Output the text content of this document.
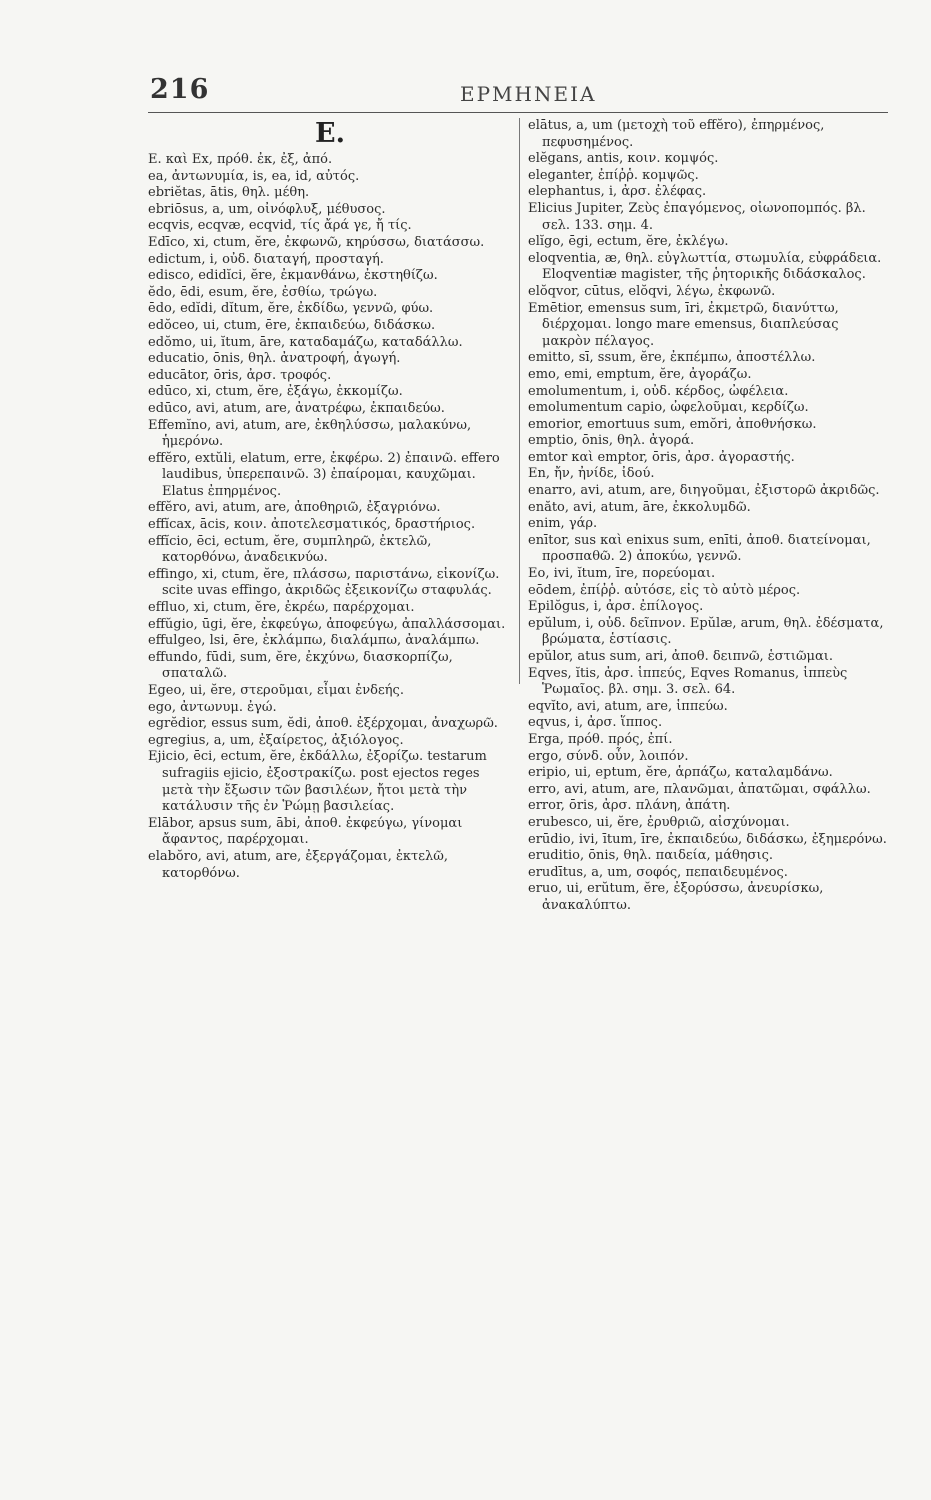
216	ΕΡΜΗΝΕΙΑ
E.

E. καὶ Ex, πρόθ. ἐκ, ἐξ, ἀπό.

ea, ἀντωνυμία, is, ea, id, αὐτός.

ebriĕtas, ātis, θηλ. μέθη.

ebriōsus, a, um, οἰνόφλυξ, μέθυσος.

ecqvis, ecqvæ, ecqvid, τίς ἄρά γε, ἤ τίς.

Edīco, xi, ctum, ĕre, ἐκφωνῶ, κηρύσσω, διατάσσω.

edictum, i, οὐδ. διαταγή, προσταγή.

edisco, edidĭci, ĕre, ἐκμανθάνω, ἐκστηθίζω.

ĕdo, ēdi, esum, ĕre, ἐσθίω, τρώγω.

ēdo, edĭdi, dĭtum, ĕre, ἐκδίδω, γεννῶ, φύω.

edŏceo, ui, ctum, ēre, ἐκπαιδεύω, διδάσκω.

edŏmo, ui, ĭtum, āre, καταδαμάζω, καταδάλλω.

educatio, ōnis, θηλ. ἀνατροφή, ἀγωγή.

educātor, ōris, ἀρσ. τροφός.

edūco, xi, ctum, ĕre, ἐξάγω, ἐκκομίζω.

edūco, avi, atum, are, ἀνατρέφω, ἐκπαιδεύω.

Effemĭno, avi, atum, are, ἐκθηλύσσω, μαλακύνω, ἡμερόνω.

effĕro, extŭli, elatum, erre, ἐκφέρω. 2) ἐπαινῶ. effero laudibus, ὑπερεπαινῶ. 3) ἐπαίρομαι, καυχῶμαι. Elatus ἐπηρμένος.

effĕro, avi, atum, are, ἀποθηριῶ, ἐξαγριόνω.

effĭcax, ācis, κοιν. ἀποτελεσματικός, δραστήριος.

effĭcio, ēci, ectum, ĕre, συμπληρῶ, ἐκτελῶ, κατορθόνω, ἀναδεικνύω.

effingo, xi, ctum, ĕre, πλάσσω, παριστάνω, εἰκονίζω. scite uvas effingo, ἀκριδῶς ἐξεικονίζω σταφυλάς.

effluo, xi, ctum, ĕre, ἐκρέω, παρέρχομαι.

effŭgio, ūgi, ĕre, ἐκφεύγω, ἀποφεύγω, ἀπαλλάσσομαι.

effulgeo, lsi, ēre, ἐκλάμπω, διαλάμπω, ἀναλάμπω.

effundo, fūdi, sum, ĕre, ἐκχύνω, διασκορπίζω, σπαταλῶ.

Egeo, ui, ĕre, στεροῦμαι, εἶμαι ἐνδεής.

ego, ἀντωνυμ. ἐγώ.

egrĕdior, essus sum, ĕdi, ἀποθ. ἐξέρχομαι, ἀναχωρῶ.

egregius, a, um, ἐξαίρετος, ἀξιόλογος.

Ejicio, ēci, ectum, ĕre, ἐκδάλλω, ἐξορίζω. testarum sufragiis ejicio, ἐξοστρακίζω. post ejectos reges μετὰ τὴν ἔξωσιν τῶν βασιλέων, ἤτοι μετὰ τὴν κατάλυσιν τῆς ἐν Ῥώμῃ βασιλείας.

Elābor, apsus sum, ābi, ἀποθ. ἐκφεύγω, γίνομαι ἄφαντος, παρέρχομαι.

elabŏro, avi, atum, are, ἐξεργάζομαι, ἐκτελῶ, κατορθόνω.

elātus, a, um (μετοχὴ τοῦ effĕro), ἐπηρμένος, πεφυσημένος.

elĕgans, antis, κοιν. κομψός.

eleganter, ἐπίῤῥ. κομψῶς.

elephantus, i, ἀρσ. ἐλέφας.

Elicius Jupiter, Ζεὺς ἐπαγόμενος, οἰωνοπομπός. βλ. σελ. 133. σημ. 4.

elĭgo, ēgi, ectum, ĕre, ἐκλέγω.

eloqventia, æ, θηλ. εὐγλωττία, στωμυλία, εὐφράδεια. Eloqventiæ magister, τῆς ῥητορικῆς διδάσκαλος.

elŏqvor, cūtus, elŏqvi, λέγω, ἐκφωνῶ.

Emētior, emensus sum, īri, ἐκμετρῶ, διανύττω, διέρχομαι. longo mare emensus, διαπλεύσας μακρὸν πέλαγος.

emitto, sī, ssum, ĕre, ἐκπέμπω, ἀποστέλλω.

emo, emi, emptum, ĕre, ἀγοράζω.

emolumentum, i, οὐδ. κέρδος, ὠφέλεια.

emolumentum capio, ὠφελοῦμαι, κερδίζω.

emorior, emortuus sum, emŏri, ἀποθνήσκω.

emptio, ōnis, θηλ. ἀγορά.

emtor καὶ emptor, ōris, ἀρσ. ἀγοραστής.

En, ἤν, ἠνίδε, ἰδού.

enarro, avi, atum, are, διηγοῦμαι, ἐξιστορῶ ἀκριδῶς.

enăto, avi, atum, āre, ἐκκολυμδῶ.

enim, γάρ.

enītor, sus καὶ enixus sum, enīti, ἀποθ. διατείνομαι, προσπαθῶ. 2) ἀποκύω, γεννῶ.

Eo, ivi, ĭtum, īre, πορεύομαι.

eōdem, ἐπίῤῥ. αὐτόσε, εἰς τὸ αὐτὸ μέρος.

Epilŏgus, i, ἀρσ. ἐπίλογος.

epŭlum, i, οὐδ. δεῖπνον. Epŭlæ, arum, θηλ. ἐδέσματα, βρώματα, ἑστίασις.

epŭlor, atus sum, ari, ἀποθ. δειπνῶ, ἑστιῶμαι.

Eqves, ĭtis, ἀρσ. ἱππεύς, Eqves Romanus, ἱππεὺς Ῥωμαῖος. βλ. σημ. 3. σελ. 64.

eqvĭto, avi, atum, are, ἱππεύω.

eqvus, i, ἀρσ. ἵππος.

Erga, πρόθ. πρός, ἐπί.

ergo, σύνδ. οὖν, λοιπόν.

eripio, ui, eptum, ĕre, ἁρπάζω, καταλαμδάνω.

erro, avi, atum, are, πλανῶμαι, ἀπατῶμαι, σφάλλω.

error, ōris, ἀρσ. πλάνη, ἀπάτη.

erubesco, ui, ĕre, ἐρυθριῶ, αἰσχύνομαι.

erūdio, ivi, ītum, īre, ἐκπαιδεύω, διδάσκω, ἐξημερόνω.

eruditio, ōnis, θηλ. παιδεία, μάθησις.

erudītus, a, um, σοφός, πεπαιδευμένος.

eruo, ui, erŭtum, ĕre, ἐξορύσσω, ἀνευρίσκω, ἀνακαλύπτω.
